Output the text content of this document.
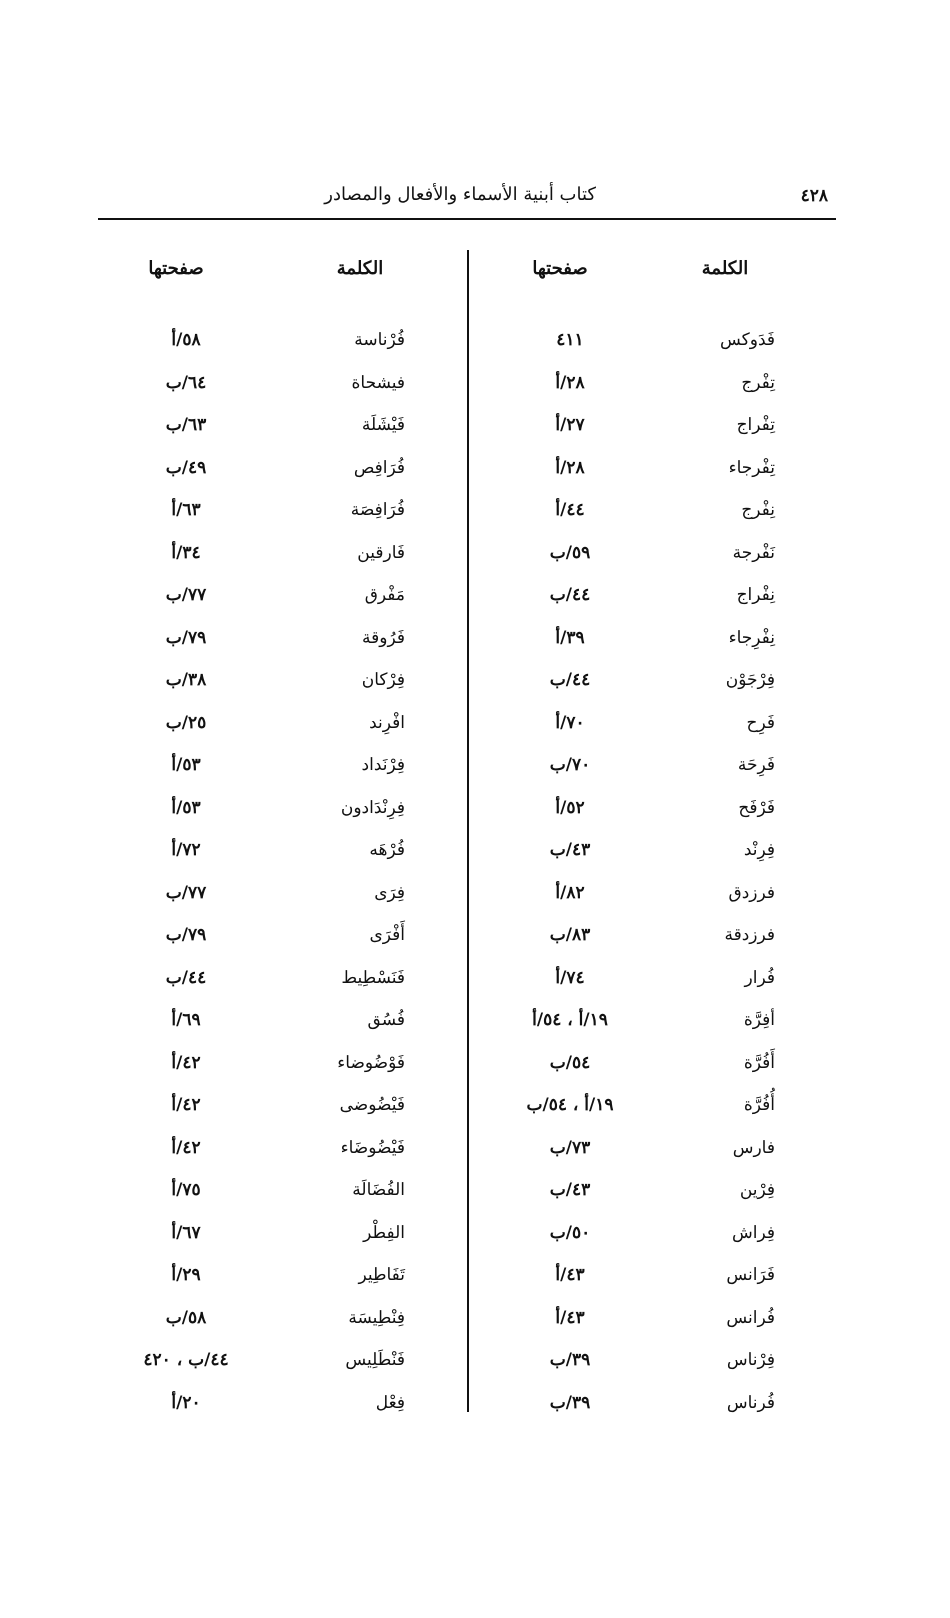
٤٢٨
كتاب أبنية الأسماء والأفعال والمصادر
الكلمة
صفحتها
الكلمة
صفحتها
فَدَوكس
٤١١
فُرْناسة
٥٨/أ
تِفْرج
٢٨/أ
فيشحاة
٦٤/ب
تِفْراج
٢٧/أ
فَيْشَلَة
٦٣/ب
تِفْرجاء
٢٨/أ
فُرَافِص
٤٩/ب
نِفْرج
٤٤/أ
فُرَافِصَة
٦٣/أ
نَفْرجة
٥٩/ب
فَارقين
٣٤/أ
نِفْراج
٤٤/ب
مَفْرق
٧٧/ب
نِفْرِجاء
٣٩/أ
فَرُوقة
٧٩/ب
فِرْجَوْن
٤٤/ب
فِرْكان
٣٨/ب
فَرِح
٧٠/أ
افْرِند
٢٥/ب
فَرِحَة
٧٠/ب
فِرْنَداد
٥٣/أ
فَرْفَح
٥٢/أ
فِرِنْدَادون
٥٣/أ
فِرِنْد
٤٣/ب
فُرْهَه
٧٢/أ
فرزدق
٨٢/أ
فِرَى
٧٧/ب
فرزدقة
٨٣/ب
أَفْرَى
٧٩/ب
فُرار
٧٤/أ
فَنَسْطِيط
٤٤/ب
أفِرَّة
١٩/أ ، ٥٤/أ
فُسُق
٦٩/أ
أَفُرَّة
٥٤/ب
فَوْضُوضاء
٤٢/أ
أُفُرَّة
١٩/أ ، ٥٤/ب
فَيْضُوضى
٤٢/أ
فارس
٧٣/ب
فَيْضُوضَاء
٤٢/أ
فِرْين
٤٣/ب
الفُضَالَة
٧٥/أ
فِراش
٥٠/ب
الفِطْر
٦٧/أ
فَرَانس
٤٣/أ
تَفَاطِير
٢٩/أ
فُرانس
٤٣/أ
فِنْطِيسَة
٥٨/ب
فِرْناس
٣٩/ب
فَنْطَلِيس
٤٤/ب ، ٤٢٠
فُرناس
٣٩/ب
فِعْل
٢٠/أ
